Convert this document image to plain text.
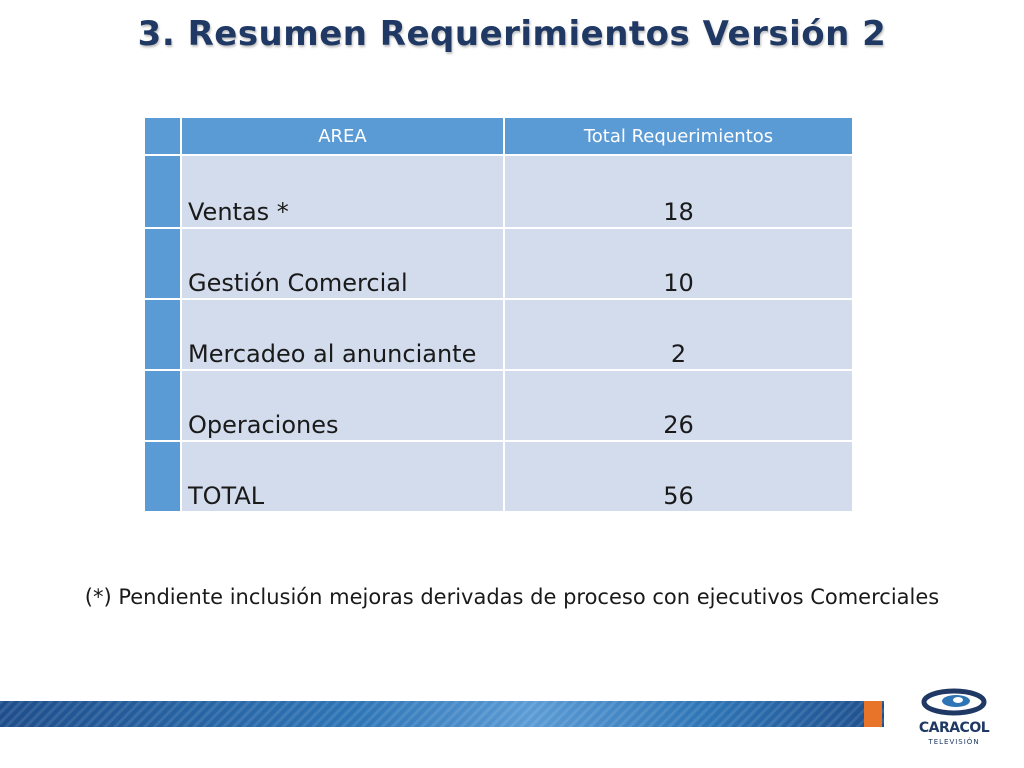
3. Resumen Requerimientos Versión 2
	AREA	Total Requerimientos
	Ventas *	18
	Gestión Comercial	10
	Mercadeo al anunciante	2
	Operaciones	26
	TOTAL	56
(*) Pendiente inclusión mejoras derivadas de proceso con ejecutivos Comerciales
CARACOL
TELEVISIÓN
